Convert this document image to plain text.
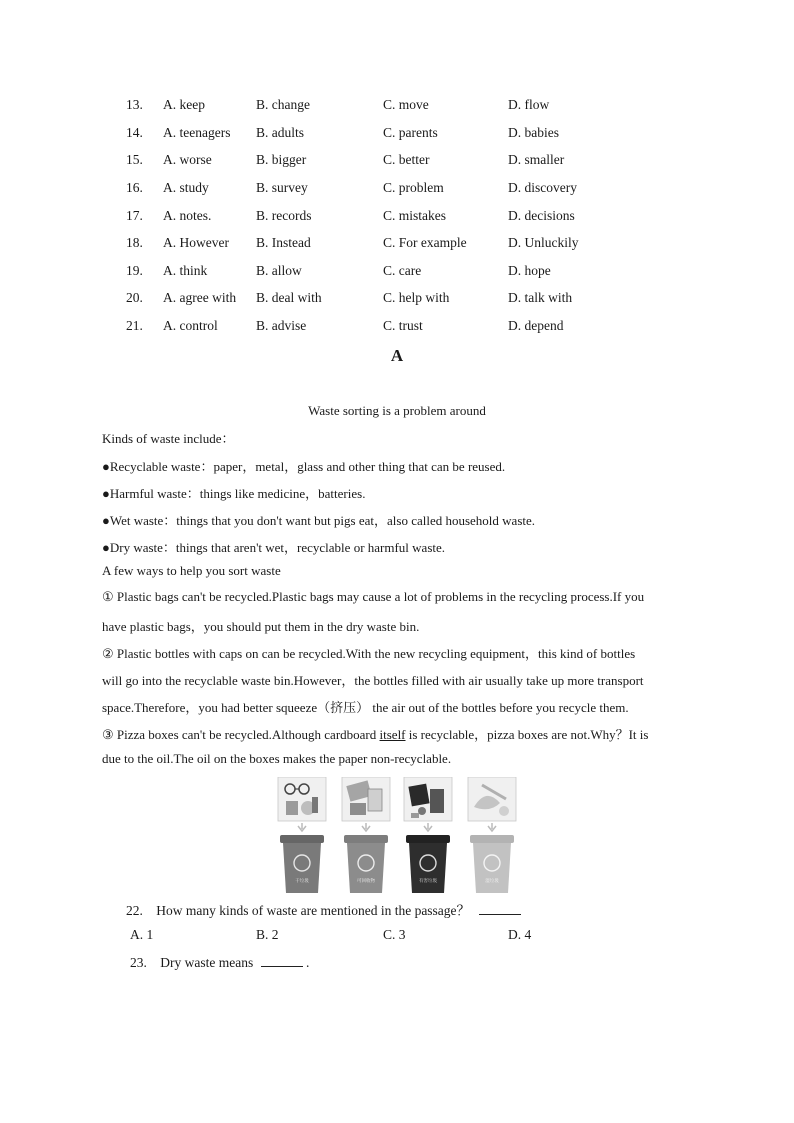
13. A. keep	B. change	C. move	D. flow
14. A. teenagers B. adults	C. parents	D. babies
15. A. worse	B. bigger	C. better	D. smaller
16. A. study	B. survey	C. problem	D. discovery
17. A. notes.	B. records	C. mistakes	D. decisions
18. A. However B. Instead	C. For example	D. Unluckily
19. A. think	B. allow	C. care	D. hope
20. A. agree with B. deal with	C. help with	D. talk with
21. A. control	B. advise	C. trust	D. depend
A
Waste sorting is a problem around
Kinds of waste include：
●Recyclable waste：paper，metal，glass and other thing that can be reused.
●Harmful waste：things like medicine，batteries.
●Wet waste：things that you don't want but pigs eat，also called household waste.
●Dry waste：things that aren't wet，recyclable or harmful waste.
A few ways to help you sort waste
① Plastic bags can't be recycled.Plastic bags may cause a lot of problems in the recycling process.If you
have plastic bags，you should put them in the dry waste bin.
② Plastic bottles with caps on can be recycled.With the new recycling equipment，this kind of bottles
will go into the recyclable waste bin.However，the bottles filled with air usually take up more transport
space.Therefore，you had better squeeze（挤压） the air out of the bottles before you recycle them.
③ Pizza boxes can't be recycled.Although cardboard itself is recyclable，pizza boxes are not.Why？It is
due to the oil.The oil on the boxes makes the paper non-recyclable.
干垃圾	可回收物	有害垃圾	湿垃圾
22. How many kinds of waste are mentioned in the passage？
A. 1	B. 2	C. 3	D. 4
23. Dry waste means	.
